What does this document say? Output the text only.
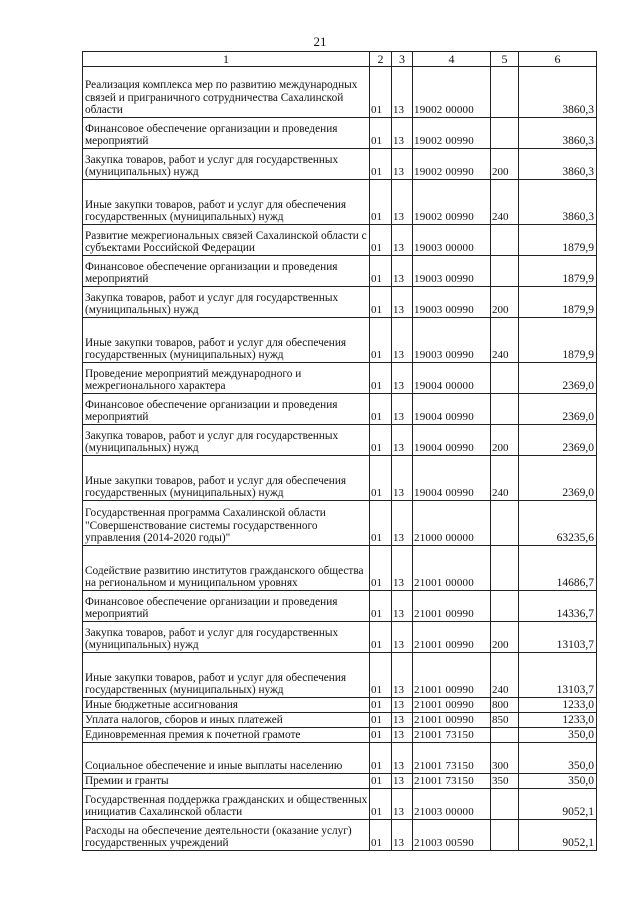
21
1	2	3	4	5	6
Реализация комплекса мер по развитию международных связей и приграничного сотрудничества Сахалинской области	01	13	19002 00000		3860,3
Финансовое обеспечение организации и проведения мероприятий	01	13	19002 00990		3860,3
Закупка товаров, работ и услуг для государственных (муниципальных) нужд	01	13	19002 00990	200	3860,3
Иные закупки товаров, работ и услуг для обеспечения государственных (муниципальных) нужд	01	13	19002 00990	240	3860,3
Развитие межрегиональных связей Сахалинской области с субъектами Российской Федерации	01	13	19003 00000		1879,9
Финансовое обеспечение организации и проведения мероприятий	01	13	19003 00990		1879,9
Закупка товаров, работ и услуг для государственных (муниципальных) нужд	01	13	19003 00990	200	1879,9
Иные закупки товаров, работ и услуг для обеспечения государственных (муниципальных) нужд	01	13	19003 00990	240	1879,9
Проведение мероприятий международного и межрегионального характера	01	13	19004 00000		2369,0
Финансовое обеспечение организации и проведения мероприятий	01	13	19004 00990		2369,0
Закупка товаров, работ и услуг для государственных (муниципальных) нужд	01	13	19004 00990	200	2369,0
Иные закупки товаров, работ и услуг для обеспечения государственных (муниципальных) нужд	01	13	19004 00990	240	2369,0
Государственная программа Сахалинской области "Совершенствование системы государственного управления (2014-2020 годы)"	01	13	21000 00000		63235,6
Содействие развитию институтов гражданского общества на региональном и муниципальном уровнях	01	13	21001 00000		14686,7
Финансовое обеспечение организации и проведения мероприятий	01	13	21001 00990		14336,7
Закупка товаров, работ и услуг для государственных (муниципальных) нужд	01	13	21001 00990	200	13103,7
Иные закупки товаров, работ и услуг для обеспечения государственных (муниципальных) нужд	01	13	21001 00990	240	13103,7
Иные бюджетные ассигнования	01	13	21001 00990	800	1233,0
Уплата налогов, сборов и иных платежей	01	13	21001 00990	850	1233,0
Единовременная премия к почетной грамоте	01	13	21001 73150		350,0
Социальное обеспечение и иные выплаты населению	01	13	21001 73150	300	350,0
Премии и гранты	01	13	21001 73150	350	350,0
Государственная поддержка гражданских и общественных инициатив Сахалинской области	01	13	21003 00000		9052,1
Расходы на обеспечение деятельности (оказание услуг) государственных учреждений	01	13	21003 00590		9052,1
